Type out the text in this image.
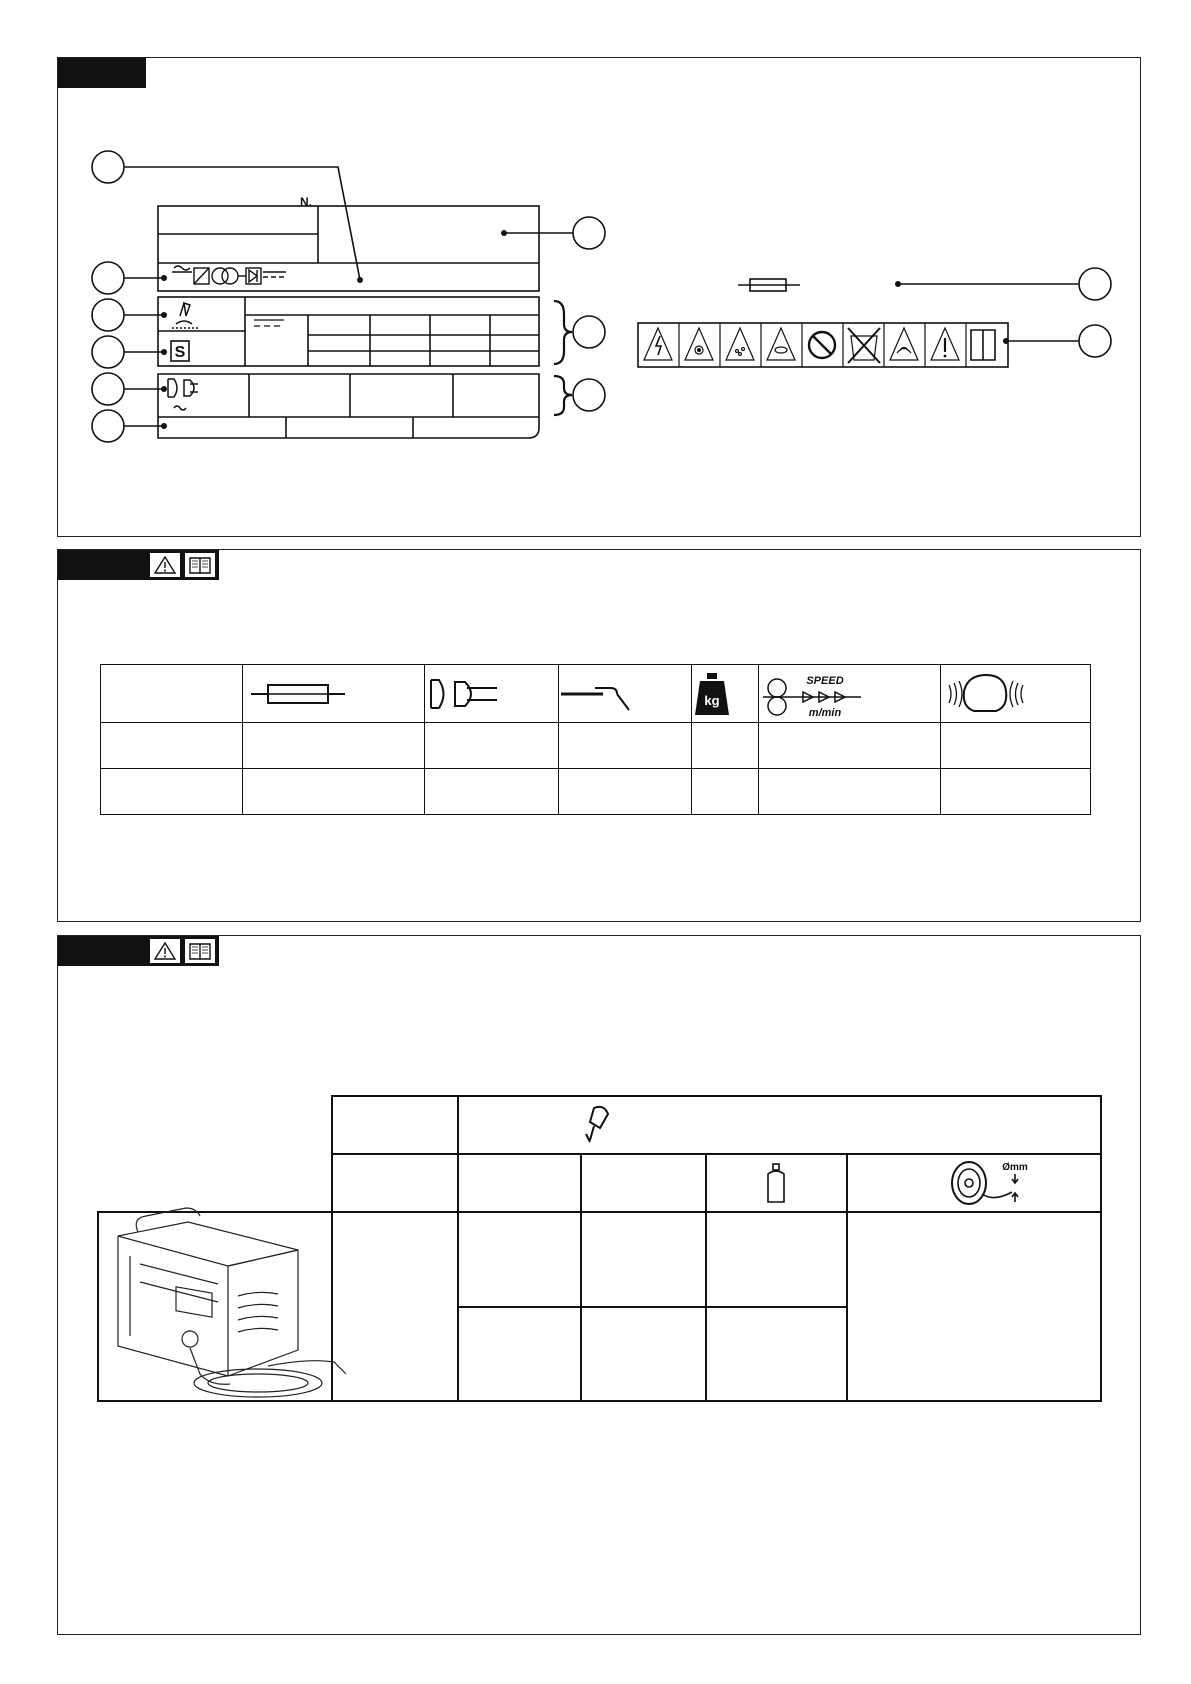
S
N.

kg	SPEED
m/min

Ømm
